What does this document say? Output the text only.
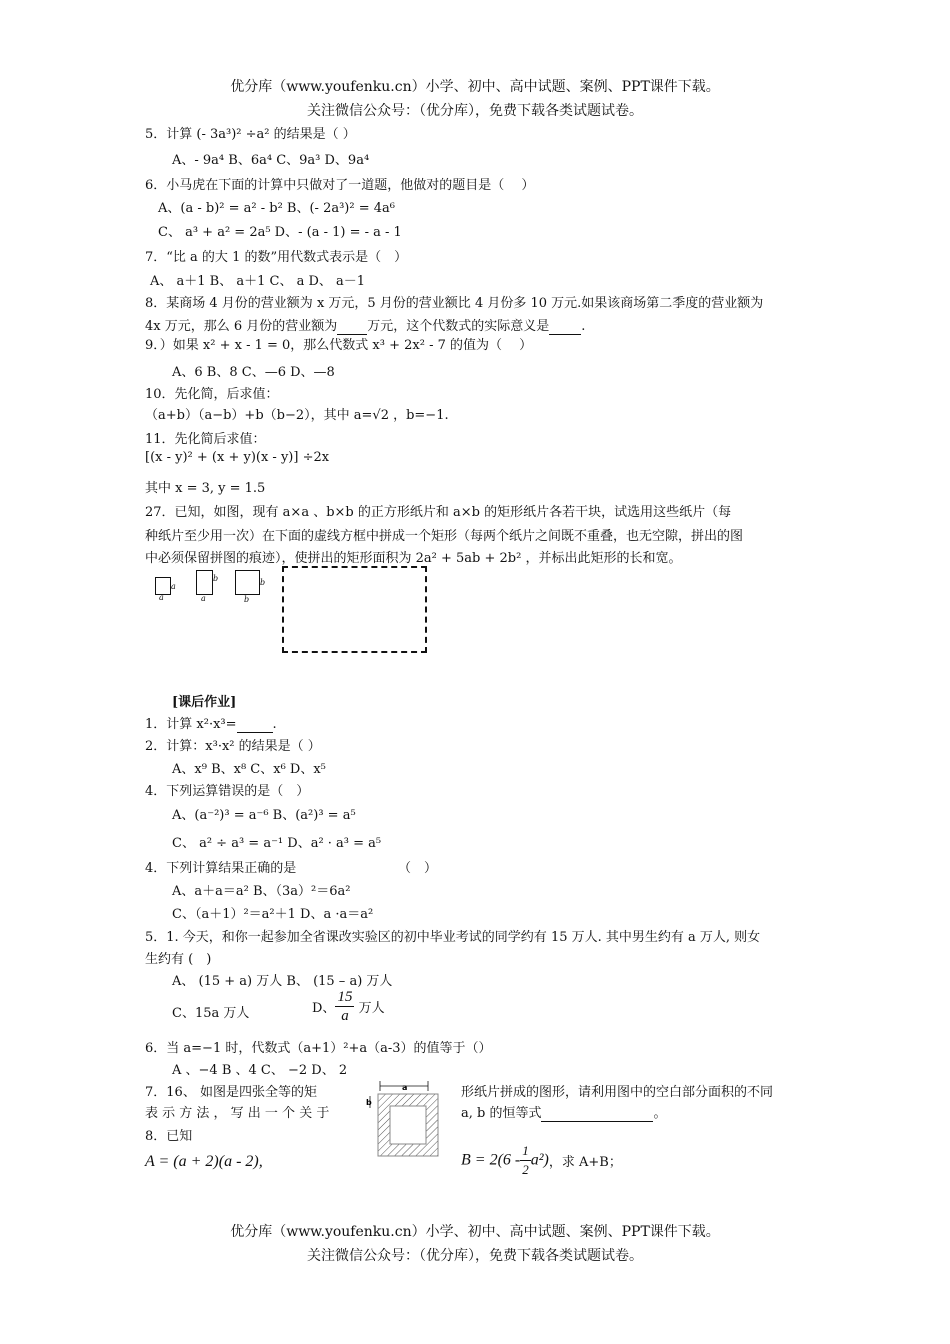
优分库（www.youfenku.cn）小学、初中、高中试题、案例、PPT课件下载。
关注微信公众号：（优分库），免费下载各类试题试卷。
5．计算 (- 3a³)² ÷a² 的结果是（ ）
A、- 9a⁴ B、6a⁴ C、9a³ D、9a⁴
6．小马虎在下面的计算中只做对了一道题，他做对的题目是（　 ）
A、(a - b)² = a² - b² B、(- 2a³)² = 4a⁶
C、 a³ + a² = 2a⁵ D、- (a - 1) = - a - 1
7．“比 a 的大 1 的数”用代数式表示是（　）
A、 a＋1 B、 a＋1 C、 a D、 a－1
8．某商场 4 月份的营业额为 x 万元，5 月份的营业额比 4 月份多 10 万元.如果该商场第二季度的营业额为
4x 万元，那么 6 月份的营业额为 万元，这个代数式的实际意义是 .
9．）如果 x² + x - 1 = 0，那么代数式 x³ + 2x² - 7 的值为（　 ）
A、6 B、8 C、—6 D、—8
10．先化简，后求值：
（a+b）（a−b）+b（b−2），其中 a=√2 ，b=−1.
11．先化简后求值：
[(x - y)² + (x + y)(x - y)] ÷2x
其中 x = 3, y = 1.5
27．已知，如图，现有 a×a 、b×b 的正方形纸片和 a×b 的矩形纸片各若干块，试选用这些纸片（每
种纸片至少用一次）在下面的虚线方框中拼成一个矩形（每两个纸片之间既不重叠，也无空隙，拼出的图
中必须保留拼图的痕迹），使拼出的矩形面积为 2a² + 5ab + 2b² ，并标出此矩形的长和宽。
a
a
b
a
b
b
[课后作业]
1．计算 x²·x³=	.
2．计算：x³·x² 的结果是（ ）
A、x⁹ B、x⁸ C、x⁶ D、x⁵
4．下列运算错误的是（　）
A、(a⁻²)³ = a⁻⁶ B、(a²)³ = a⁵
C、 a² ÷ a³ = a⁻¹ D、a² · a³ = a⁵
4．下列计算结果正确的是	（　）
A、a＋a＝a² B、（3a）²＝6a²
C、（a＋1）²＝a²＋1 D、a ·a＝a²
5．1. 今天，和你一起参加全省课改实验区的初中毕业考试的同学约有 15 万人. 其中男生约有 a 万人, 则女
生约有 (　)
A、 (15 + a) 万人 B、 (15 – a) 万人
C、15a 万人	D、 $\frac{15}{a}$ 万人
6．当 a=−1 时，代数式（a+1）²+a（a-3）的值等于（）
A 、−4 B 、4 C、 −2 D、 2
7．16、 如图是四张全等的矩
表 示 方 法 ， 写 出 一 个 关 于
形纸片拼成的图形，请利用图中的空白部分面积的不同
a, b 的恒等式	。
a
b
8．已知
A = (a + 2)(a - 2),	$B = 2(6 - \frac{1}{2} a^2)$，求 A+B；
优分库（www.youfenku.cn）小学、初中、高中试题、案例、PPT课件下载。
关注微信公众号：（优分库），免费下载各类试题试卷。
